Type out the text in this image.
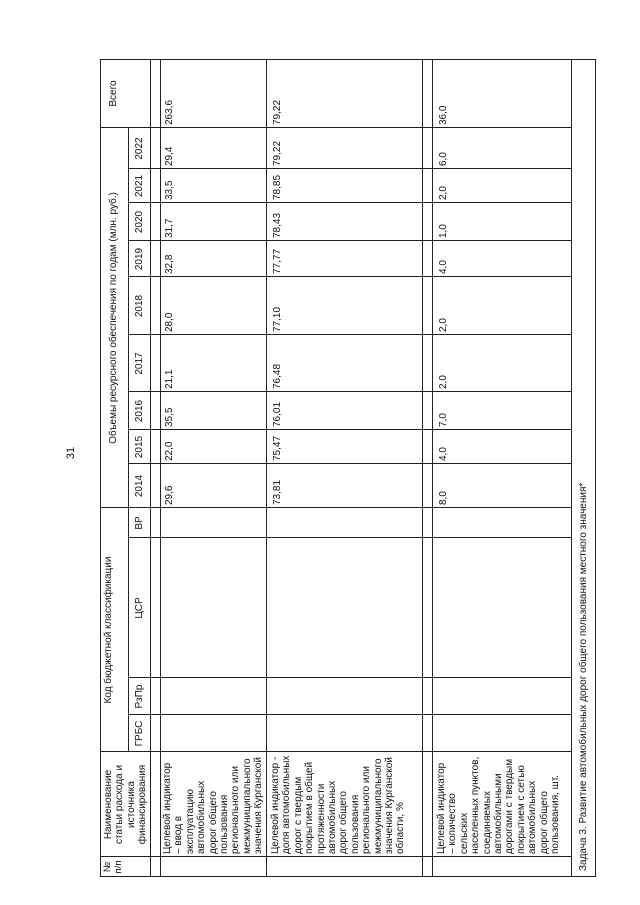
31
№ п/п
Наименование статьи расхода и источника финансирования
Код бюджетной классификации
ГРБС
РзПр
ЦСР
ВР
Объемы ресурсного обеспечения по годам (млн. руб.)
2014
2015
2016
2017
2018
2019
2020
2021
2022
Всего
Целевой индикатор – ввод в эксплуатацию автомобильных дорог общего пользования регионального или межмуниципального значения Курганской
29,6
22,0
35,5
21,1
28,0
32,8
31,7
33,5
29,4
263,6
Целевой индикатор - доля автомобильных дорог с твердым покрытием в общей протяженности автомобильных дорог общего пользования регионального или межмуниципального значения Курганской области, %
73,81
75,47
76,01
76,48
77,10
77,77
78,43
78,85
79,22
79,22
Целевой индикатор – количество сельских населенных пунктов, соединяемых автомобильными дорогами с твердым покрытием с сетью автомобильных дорог общего пользования, шт.
8,0
4,0
7,0
2,0
2,0
4,0
1,0
2,0
6,0
36,0
Задача 3. Развитие автомобильных дорог общего пользования местного значения*
